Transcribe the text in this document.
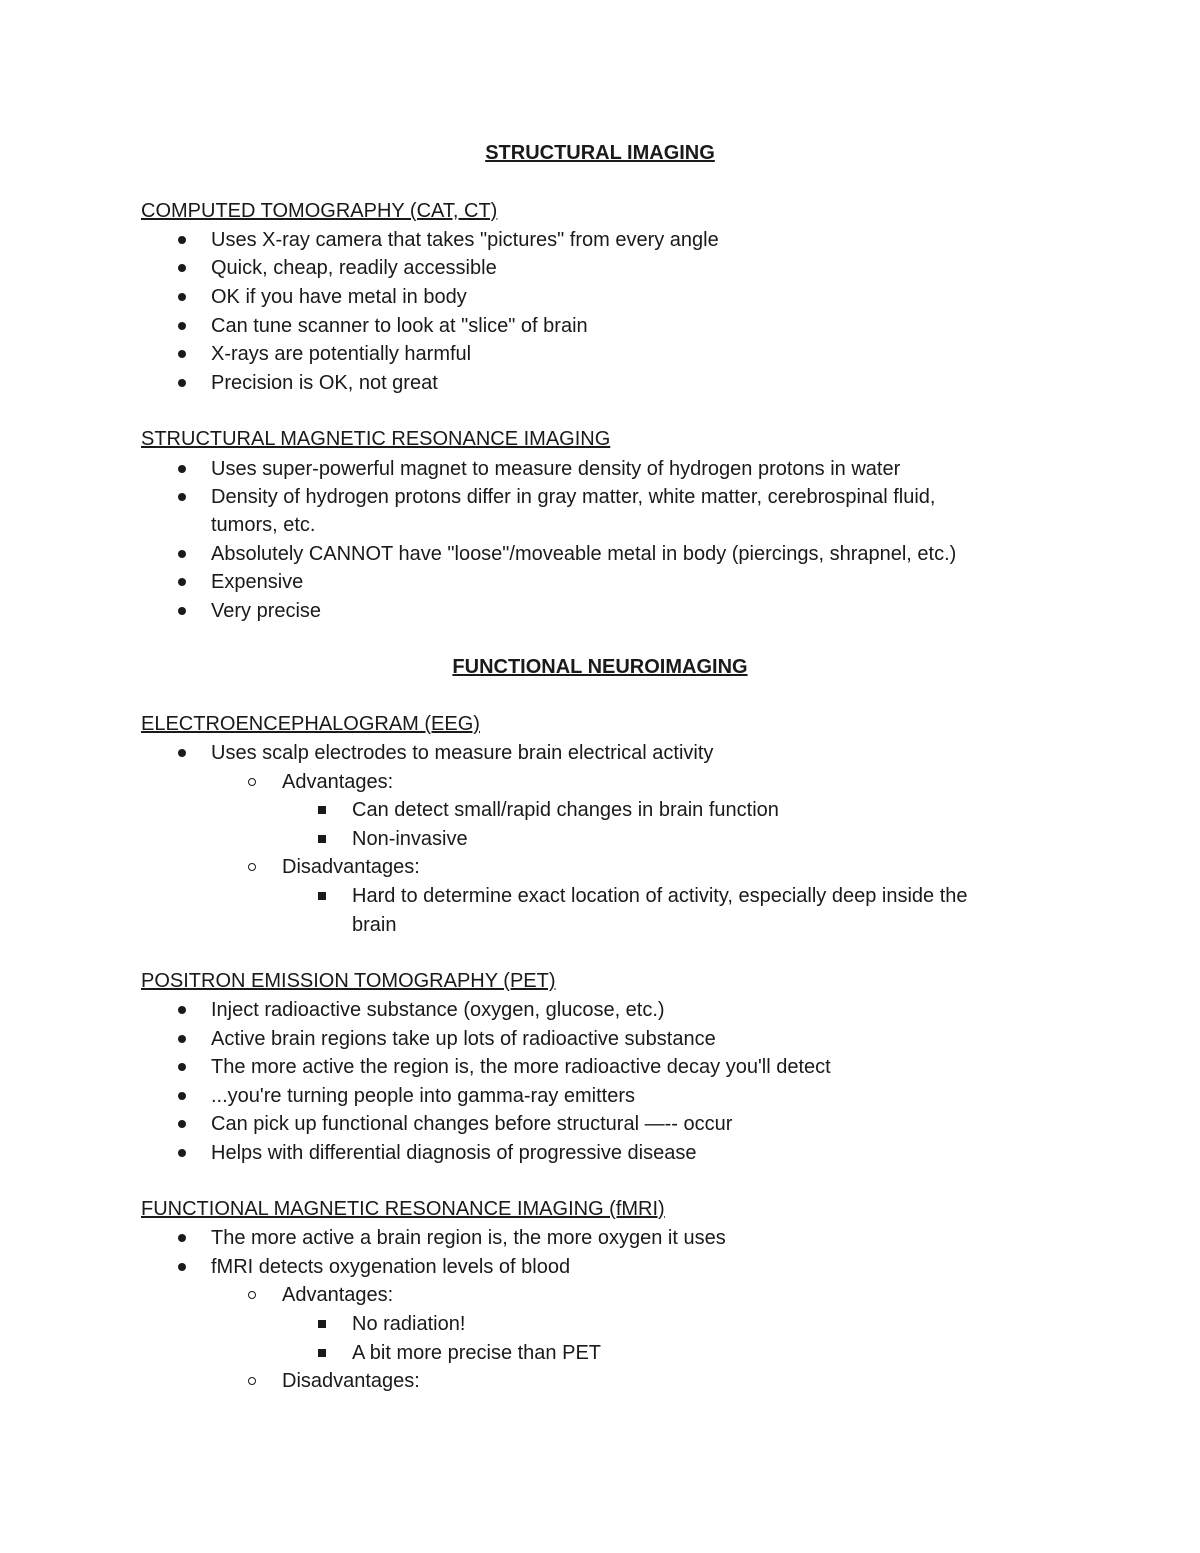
STRUCTURAL IMAGING
COMPUTED TOMOGRAPHY (CAT, CT)
Uses X-ray camera that takes "pictures" from every angle
Quick, cheap, readily accessible
OK if you have metal in body
Can tune scanner to look at "slice" of brain
X-rays are potentially harmful
Precision is OK, not great
STRUCTURAL MAGNETIC RESONANCE IMAGING
Uses super-powerful magnet to measure density of hydrogen protons in water
Density of hydrogen protons differ in gray matter, white matter, cerebrospinal fluid,
tumors, etc.
Absolutely CANNOT have "loose"/moveable metal in body (piercings, shrapnel, etc.)
Expensive
Very precise
FUNCTIONAL NEUROIMAGING
ELECTROENCEPHALOGRAM (EEG)
Uses scalp electrodes to measure brain electrical activity
Advantages:
Can detect small/rapid changes in brain function
Non-invasive
Disadvantages:
Hard to determine exact location of activity, especially deep inside the
brain
POSITRON EMISSION TOMOGRAPHY (PET)
Inject radioactive substance (oxygen, glucose, etc.)
Active brain regions take up lots of radioactive substance
The more active the region is, the more radioactive decay you'll detect
...you're turning people into gamma-ray emitters
Can pick up functional changes before structural —-- occur
Helps with differential diagnosis of progressive disease
FUNCTIONAL MAGNETIC RESONANCE IMAGING (fMRI)
The more active a brain region is, the more oxygen it uses
fMRI detects oxygenation levels of blood
Advantages:
No radiation!
A bit more precise than PET
Disadvantages:
